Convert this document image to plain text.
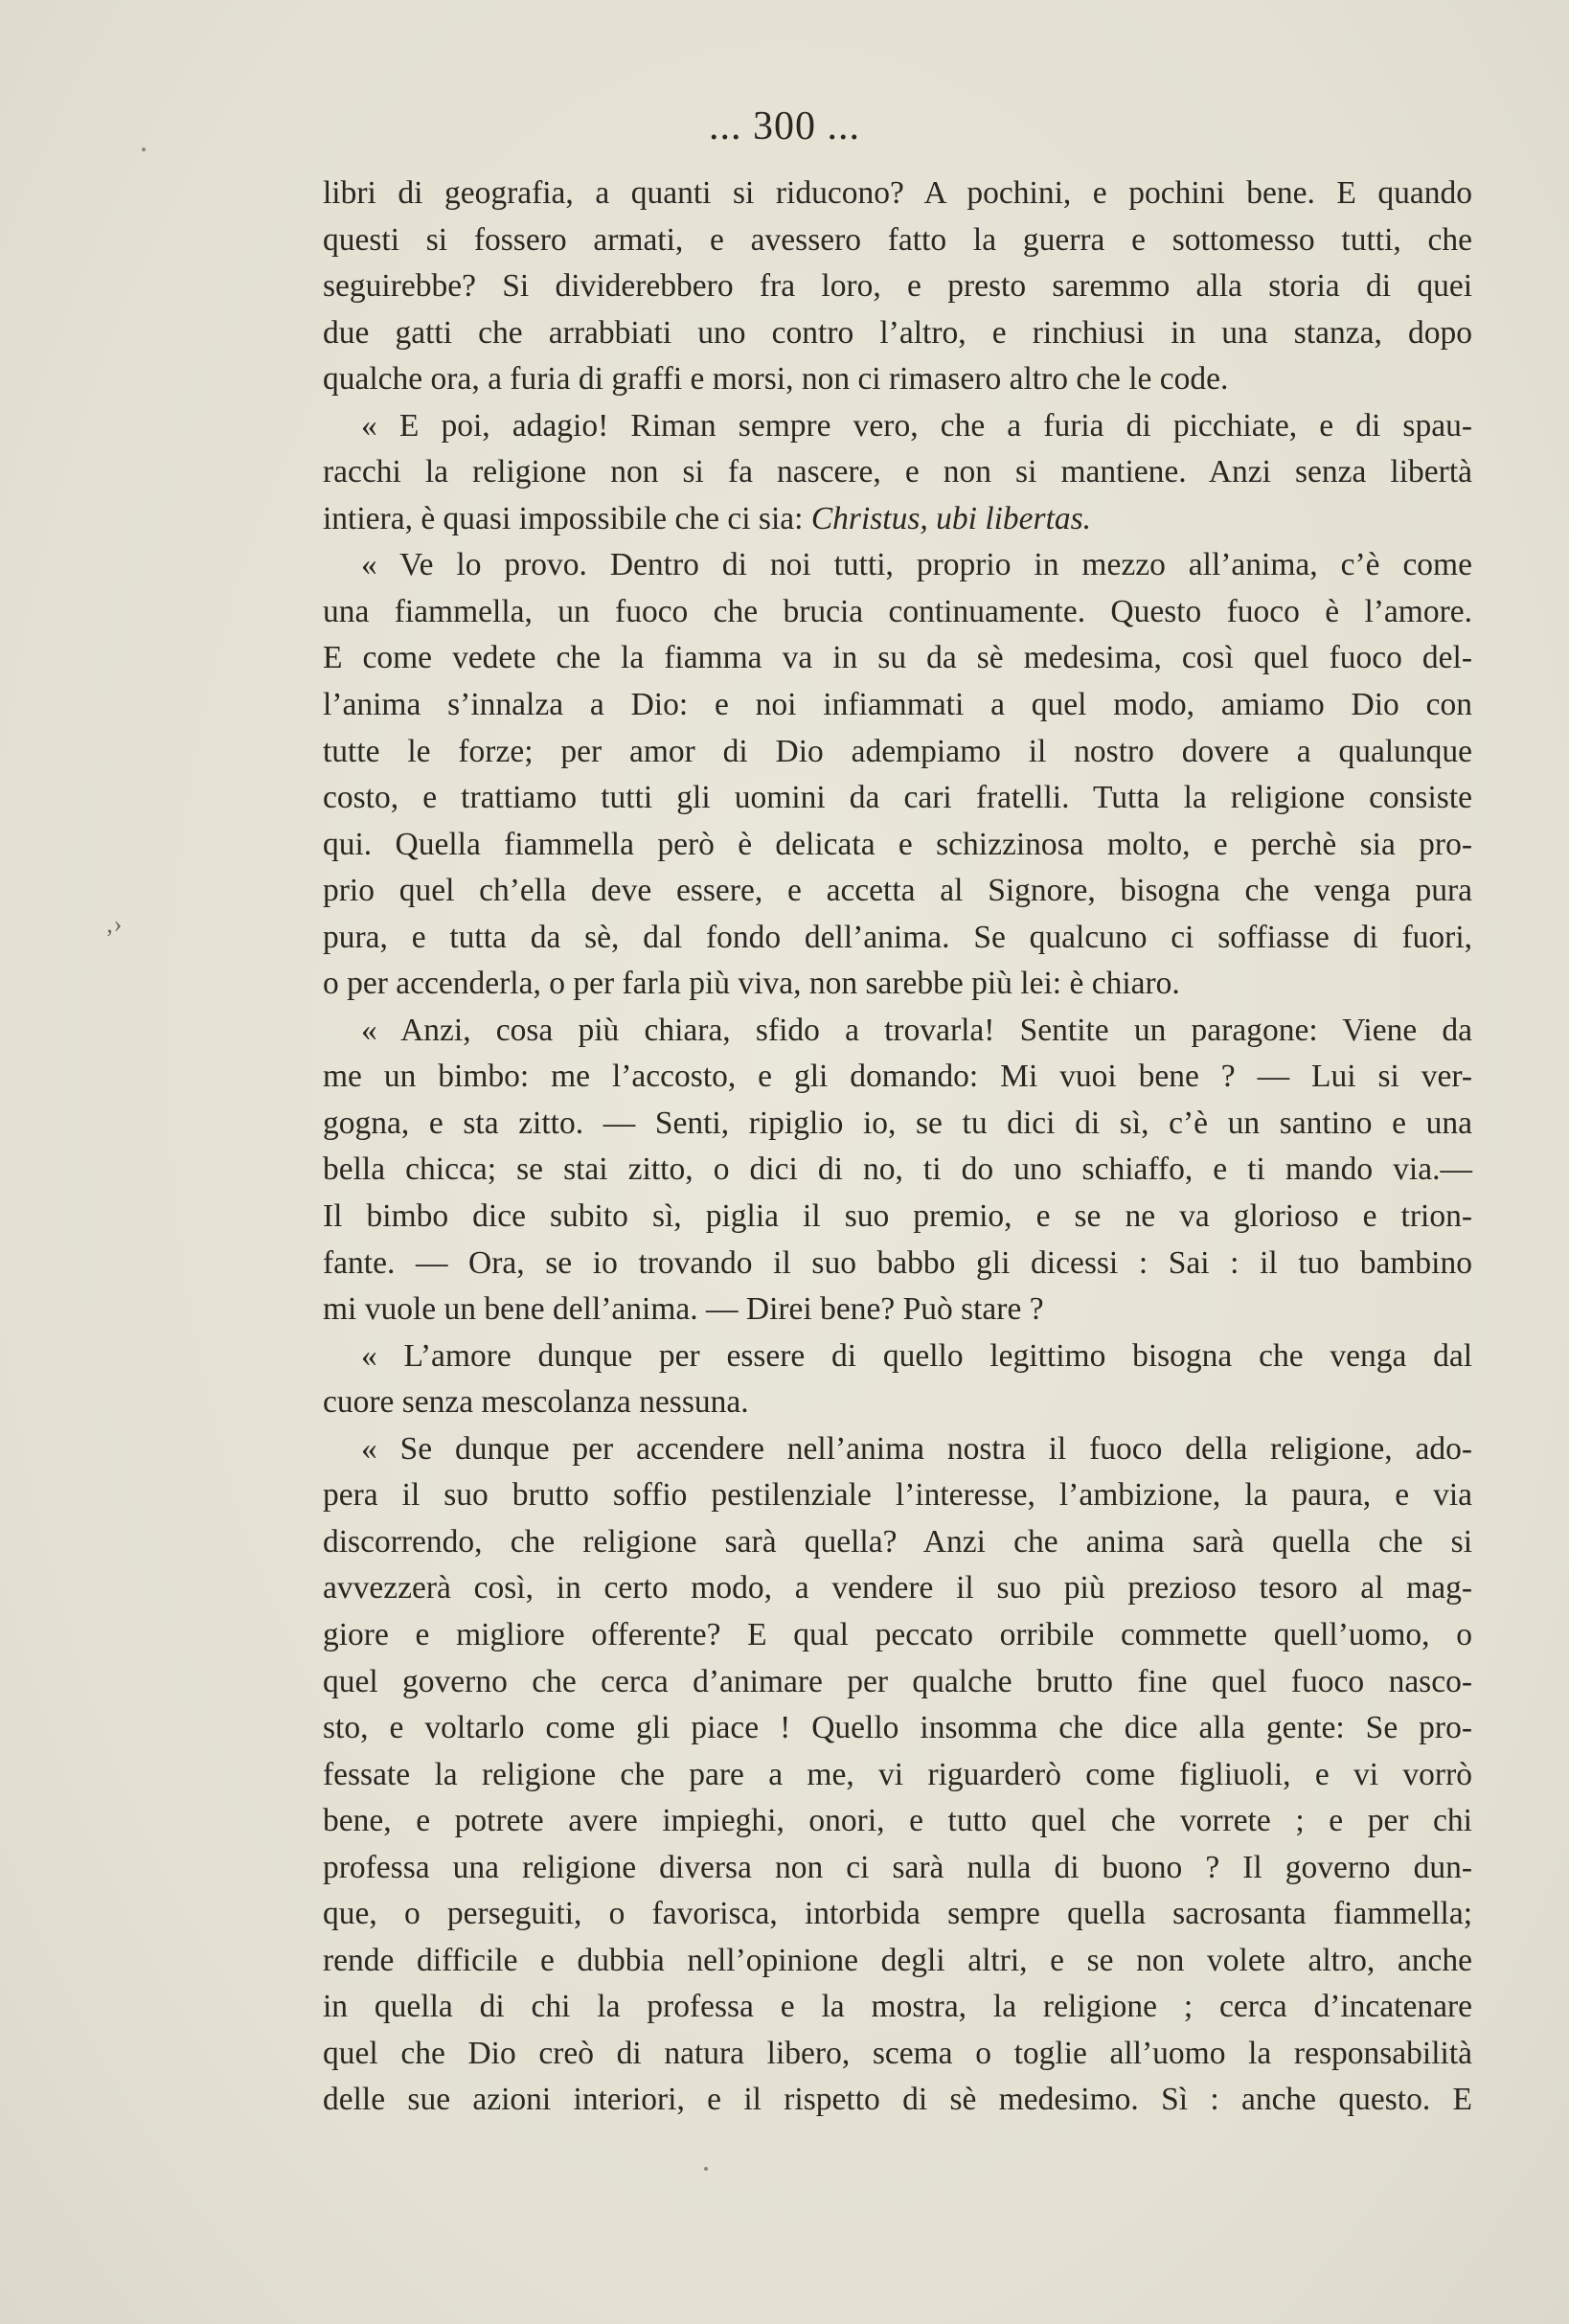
... 300 ...
‚›
libri di geografia, a quanti si riducono? A pochini, e pochini bene. E quando
questi si fossero armati, e avessero fatto la guerra e sottomesso tutti, che
seguirebbe? Si dividerebbero fra loro, e presto saremmo alla storia di quei
due gatti che arrabbiati uno contro l’altro, e rinchiusi in una stanza, dopo
qualche ora, a furia di graffi e morsi, non ci rimasero altro che le code.
« E poi, adagio! Riman sempre vero, che a furia di picchiate, e di spau-
racchi la religione non si fa nascere, e non si mantiene. Anzi senza libertà
intiera, è quasi impossibile che ci sia: Christus, ubi libertas.
« Ve lo provo. Dentro di noi tutti, proprio in mezzo all’anima, c’è come
una fiammella, un fuoco che brucia continuamente. Questo fuoco è l’amore.
E come vedete che la fiamma va in su da sè medesima, così quel fuoco del-
l’anima s’innalza a Dio: e noi infiammati a quel modo, amiamo Dio con
tutte le forze; per amor di Dio adempiamo il nostro dovere a qualunque
costo, e trattiamo tutti gli uomini da cari fratelli. Tutta la religione consiste
qui. Quella fiammella però è delicata e schizzinosa molto, e perchè sia pro-
prio quel ch’ella deve essere, e accetta al Signore, bisogna che venga pura
pura, e tutta da sè, dal fondo dell’anima. Se qualcuno ci soffiasse di fuori,
o per accenderla, o per farla più viva, non sarebbe più lei: è chiaro.
« Anzi, cosa più chiara, sfido a trovarla! Sentite un paragone: Viene da
me un bimbo: me l’accosto, e gli domando: Mi vuoi bene ? — Lui si ver-
gogna, e sta zitto. — Senti, ripiglio io, se tu dici di sì, c’è un santino e una
bella chicca; se stai zitto, o dici di no, ti do uno schiaffo, e ti mando via.—
Il bimbo dice subito sì, piglia il suo premio, e se ne va glorioso e trion-
fante. — Ora, se io trovando il suo babbo gli dicessi : Sai : il tuo bambino
mi vuole un bene dell’anima. — Direi bene? Può stare ?
« L’amore dunque per essere di quello legittimo bisogna che venga dal
cuore senza mescolanza nessuna.
« Se dunque per accendere nell’anima nostra il fuoco della religione, ado-
pera il suo brutto soffio pestilenziale l’interesse, l’ambizione, la paura, e via
discorrendo, che religione sarà quella? Anzi che anima sarà quella che si
avvezzerà così, in certo modo, a vendere il suo più prezioso tesoro al mag-
giore e migliore offerente? E qual peccato orribile commette quell’uomo, o
quel governo che cerca d’animare per qualche brutto fine quel fuoco nasco-
sto, e voltarlo come gli piace ! Quello insomma che dice alla gente: Se pro-
fessate la religione che pare a me, vi riguarderò come figliuoli, e vi vorrò
bene, e potrete avere impieghi, onori, e tutto quel che vorrete ; e per chi
professa una religione diversa non ci sarà nulla di buono ? Il governo dun-
que, o perseguiti, o favorisca, intorbida sempre quella sacrosanta fiammella;
rende difficile e dubbia nell’opinione degli altri, e se non volete altro, anche
in quella di chi la professa e la mostra, la religione ; cerca d’incatenare
quel che Dio creò di natura libero, scema o toglie all’uomo la responsabilità
delle sue azioni interiori, e il rispetto di sè medesimo. Sì : anche questo. E
